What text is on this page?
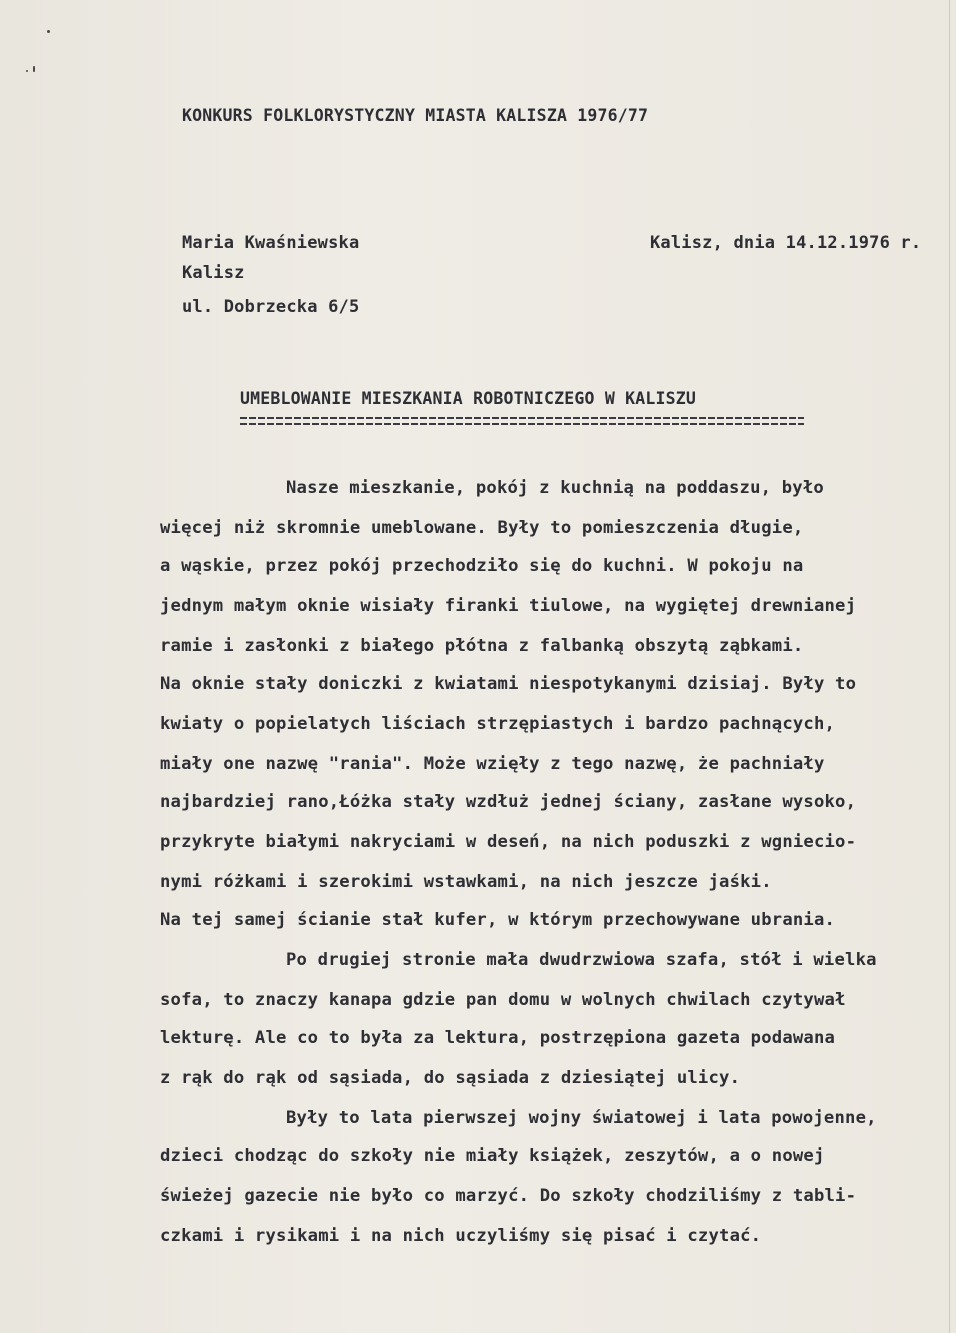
KONKURS FOLKLORYSTYCZNY MIASTA KALISZA 1976/77
Maria Kwaśniewska
Kalisz
ul. Dobrzecka 6/5
Kalisz, dnia 14.12.1976 r.
UMEBLOWANIE MIESZKANIA ROBOTNICZEGO W KALISZU
Nasze mieszkanie, pokój z kuchnią na poddaszu, było
więcej niż skromnie umeblowane. Były to pomieszczenia długie,
a wąskie, przez pokój przechodziło się do kuchni. W pokoju na
jednym małym oknie wisiały firanki tiulowe, na wygiętej drewnianej
ramie i zasłonki z białego płótna z falbanką obszytą ząbkami.
Na oknie stały doniczki z kwiatami niespotykanymi dzisiaj. Były to
kwiaty o popielatych liściach strzępiastych i bardzo pachnących,
miały one nazwę "rania". Może wzięły z tego nazwę, że pachniały
najbardziej rano,Łóżka stały wzdłuż jednej ściany, zasłane wysoko,
przykryte białymi nakryciami w deseń, na nich poduszki z wgniecio-
nymi różkami i szerokimi wstawkami, na nich jeszcze jaśki.
Na tej samej ścianie stał kufer, w którym przechowywane ubrania.
Po drugiej stronie mała dwudrzwiowa szafa, stół i wielka
sofa, to znaczy kanapa gdzie pan domu w wolnych chwilach czytywał
lekturę. Ale co to była za lektura, postrzępiona gazeta podawana
z rąk do rąk od sąsiada, do sąsiada z dziesiątej ulicy.
Były to lata pierwszej wojny światowej i lata powojenne,
dzieci chodząc do szkoły nie miały książek, zeszytów, a o nowej
świeżej gazecie nie było co marzyć. Do szkoły chodziliśmy z tabli-
czkami i rysikami i na nich uczyliśmy się pisać i czytać.
